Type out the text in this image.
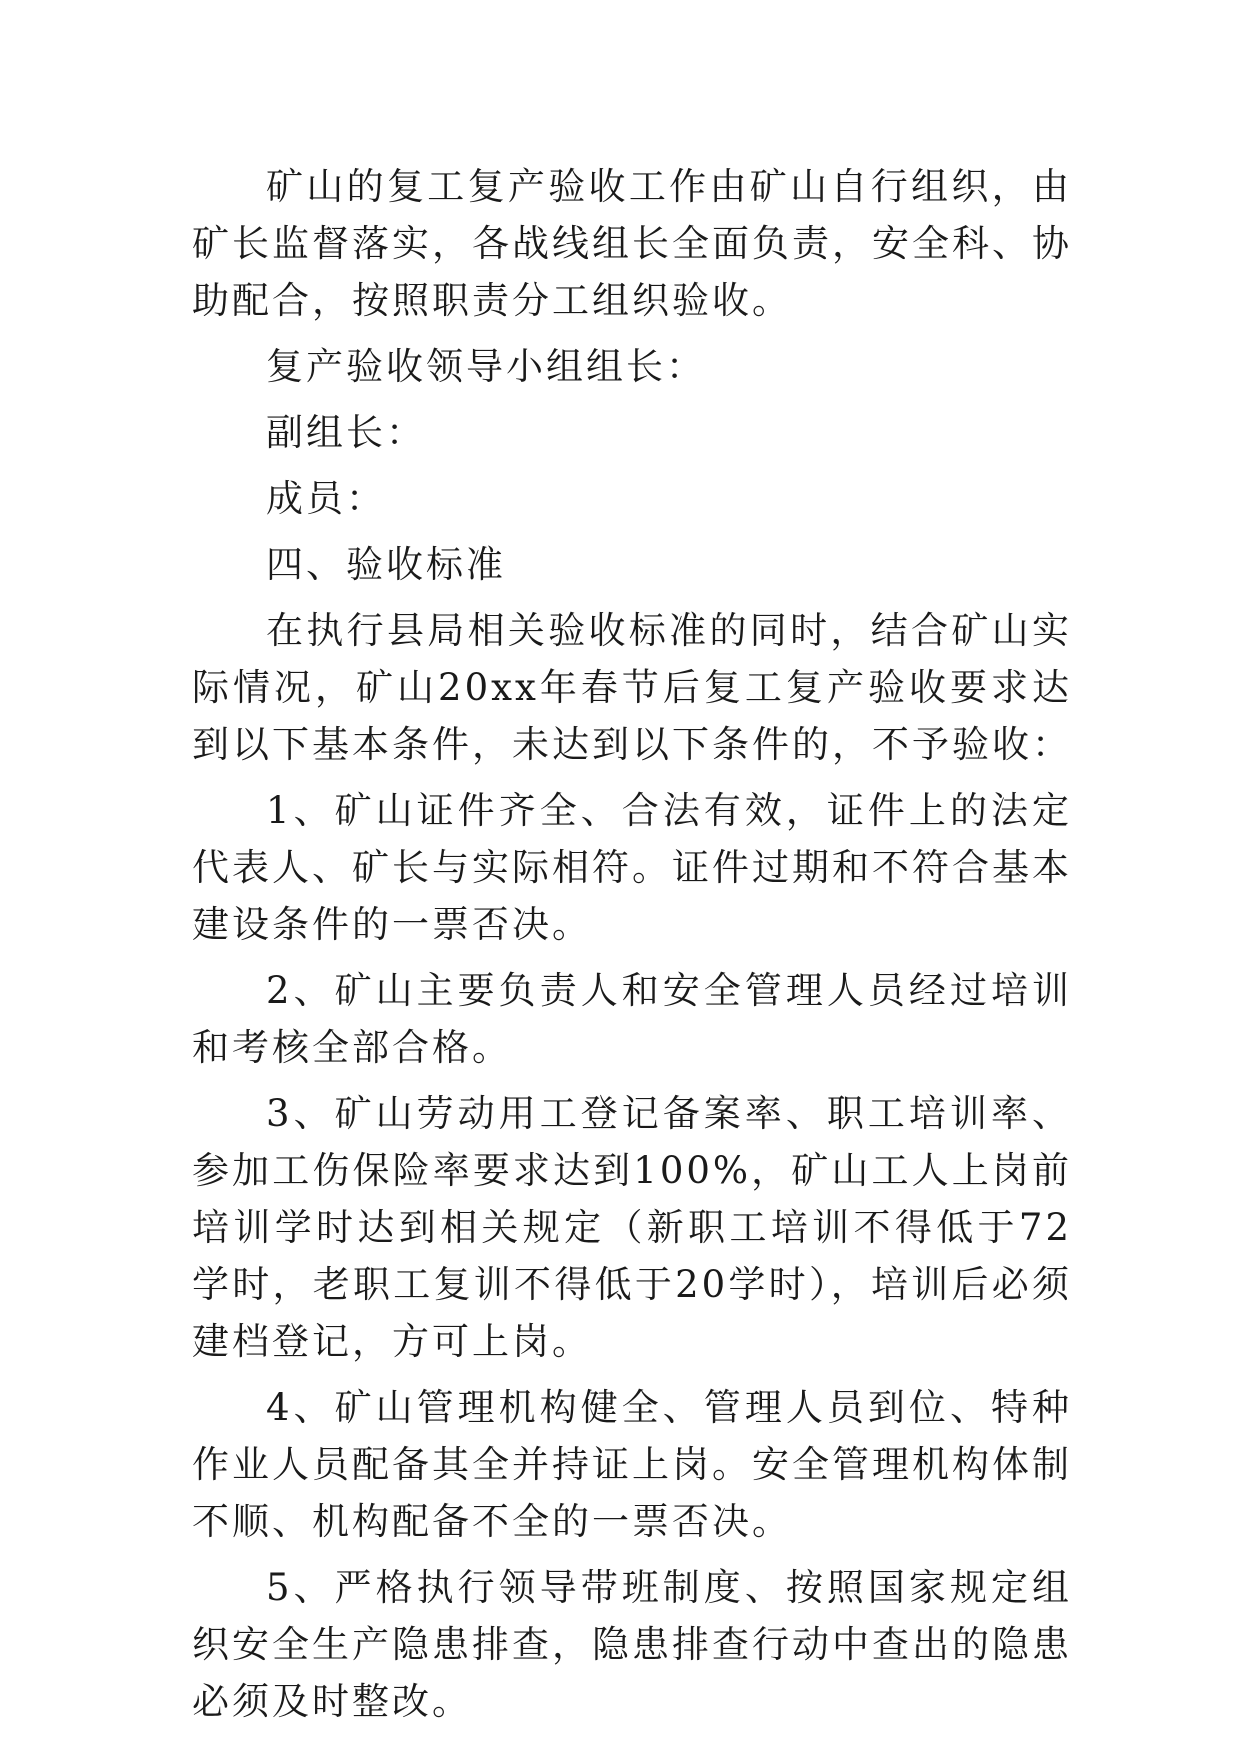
矿山的复工复产验收工作由矿山自行组织，由矿长监督落实，各战线组长全面负责，安全科、协助配合，按照职责分工组织验收。

复产验收领导小组组长：

副组长：

成员：

四、验收标准

在执行县局相关验收标准的同时，结合矿山实际情况，矿山20xx年春节后复工复产验收要求达到以下基本条件，未达到以下条件的，不予验收：

1、矿山证件齐全、合法有效，证件上的法定代表人、矿长与实际相符。证件过期和不符合基本建设条件的一票否决。

2、矿山主要负责人和安全管理人员经过培训和考核全部合格。

3、矿山劳动用工登记备案率、职工培训率、参加工伤保险率要求达到100%，矿山工人上岗前培训学时达到相关规定（新职工培训不得低于72学时，老职工复训不得低于20学时），培训后必须建档登记，方可上岗。

4、矿山管理机构健全、管理人员到位、特种作业人员配备其全并持证上岗。安全管理机构体制不顺、机构配备不全的一票否决。

5、严格执行领导带班制度、按照国家规定组织安全生产隐患排查，隐患排查行动中查出的隐患必须及时整改。
